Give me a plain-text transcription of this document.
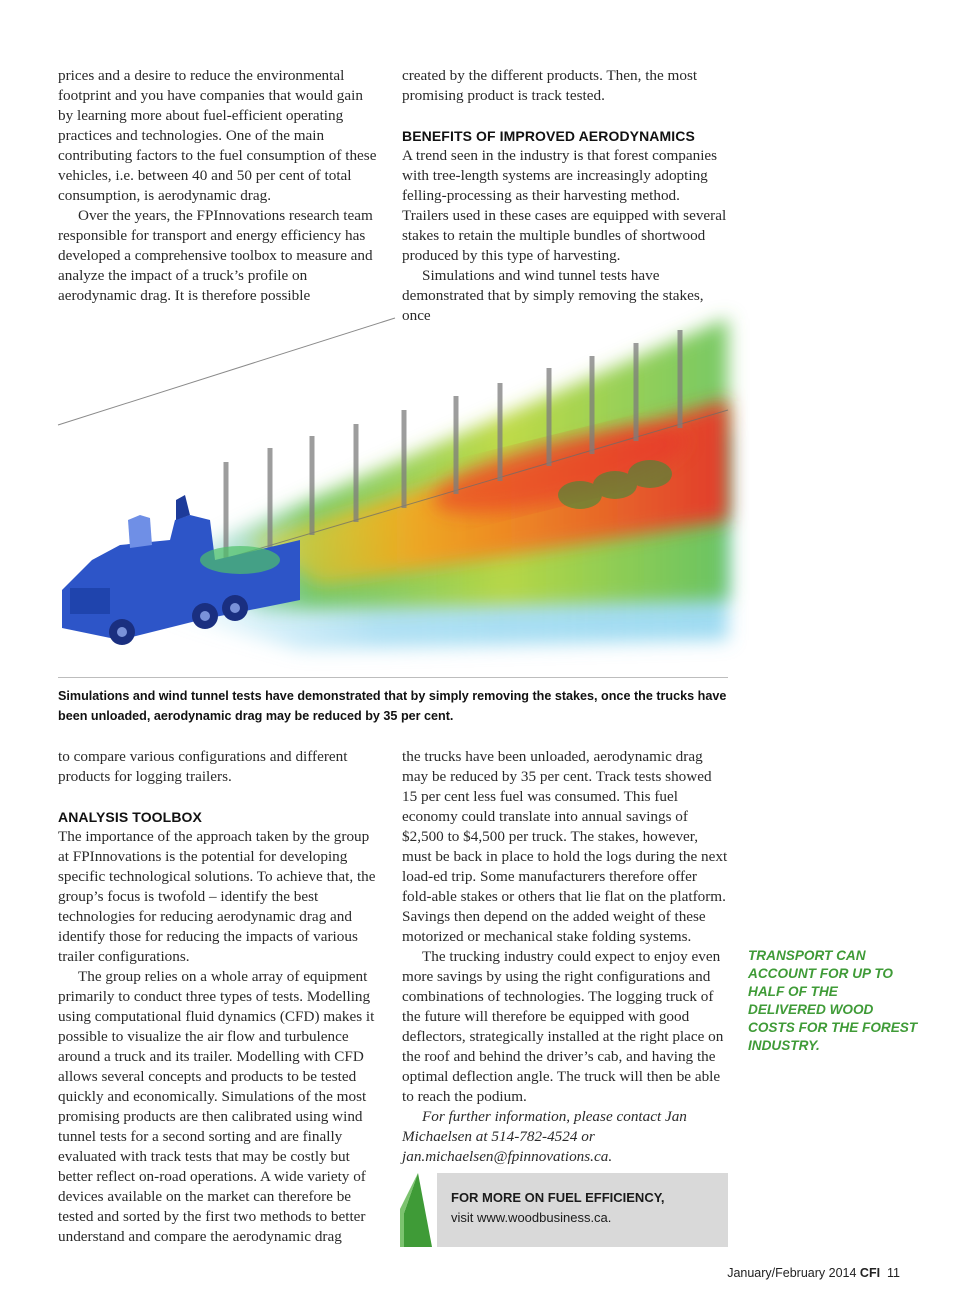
prices and a desire to reduce the environmental footprint and you have companies that would gain by learning more about fuel-efficient operating practices and technologies. One of the main contributing factors to the fuel consumption of these vehicles, i.e. between 40 and 50 per cent of total consumption, is aerodynamic drag.

Over the years, the FPInnovations research team responsible for transport and energy efficiency has developed a comprehensive toolbox to measure and analyze the impact of a truck’s profile on aerodynamic drag. It is therefore possible

created by the different products. Then, the most promising product is track tested.

BENEFITS OF IMPROVED AERODYNAMICS

A trend seen in the industry is that forest companies with tree-length systems are increasingly adopting felling-processing as their harvesting method. Trailers used in these cases are equipped with several stakes to retain the multiple bundles of shortwood produced by this type of harvesting.

Simulations and wind tunnel tests have demonstrated that by simply removing the stakes, once

Simulations and wind tunnel tests have demonstrated that by simply removing the stakes, once the trucks have been unloaded, aerodynamic drag may be reduced by 35 per cent.

to compare various configurations and different products for logging trailers.

ANALYSIS TOOLBOX

The importance of the approach taken by the group at FPInnovations is the potential for developing specific technological solutions. To achieve that, the group’s focus is twofold – identify the best technologies for reducing aerodynamic drag and identify those for reducing the impacts of various trailer configurations.

The group relies on a whole array of equipment primarily to conduct three types of tests. Modelling using computational fluid dynamics (CFD) makes it possible to visualize the air flow and turbulence around a truck and its trailer. Modelling with CFD allows several concepts and products to be tested quickly and economically. Simulations of the most promising products are then calibrated using wind tunnel tests for a second sorting and are finally evaluated with track tests that may be costly but better reflect on-road operations. A wide variety of devices available on the market can therefore be tested and sorted by the first two methods to better understand and compare the aerodynamic drag

the trucks have been unloaded, aerodynamic drag may be reduced by 35 per cent. Track tests showed 15 per cent less fuel was consumed. This fuel economy could translate into annual savings of $2,500 to $4,500 per truck. The stakes, however, must be back in place to hold the logs during the next load-ed trip. Some manufacturers therefore offer fold-able stakes or others that lie flat on the platform. Savings then depend on the added weight of these motorized or mechanical stake folding systems.

The trucking industry could expect to enjoy even more savings by using the right configurations and combinations of technologies. The logging truck of the future will therefore be equipped with good deflectors, strategically installed at the right place on the roof and behind the driver’s cab, and having the optimal deflection angle. The truck will then be able to reach the podium.

For further information, please contact Jan Michaelsen at 514-782-4524 or jan.michaelsen@fpinnovations.ca.

TRANSPORT CAN ACCOUNT FOR UP TO HALF OF THE DELIVERED WOOD COSTS FOR THE FOREST INDUSTRY.
FOR MORE ON FUEL EFFICIENCY,
visit www.woodbusiness.ca.
January/February 2014 CFI 11
